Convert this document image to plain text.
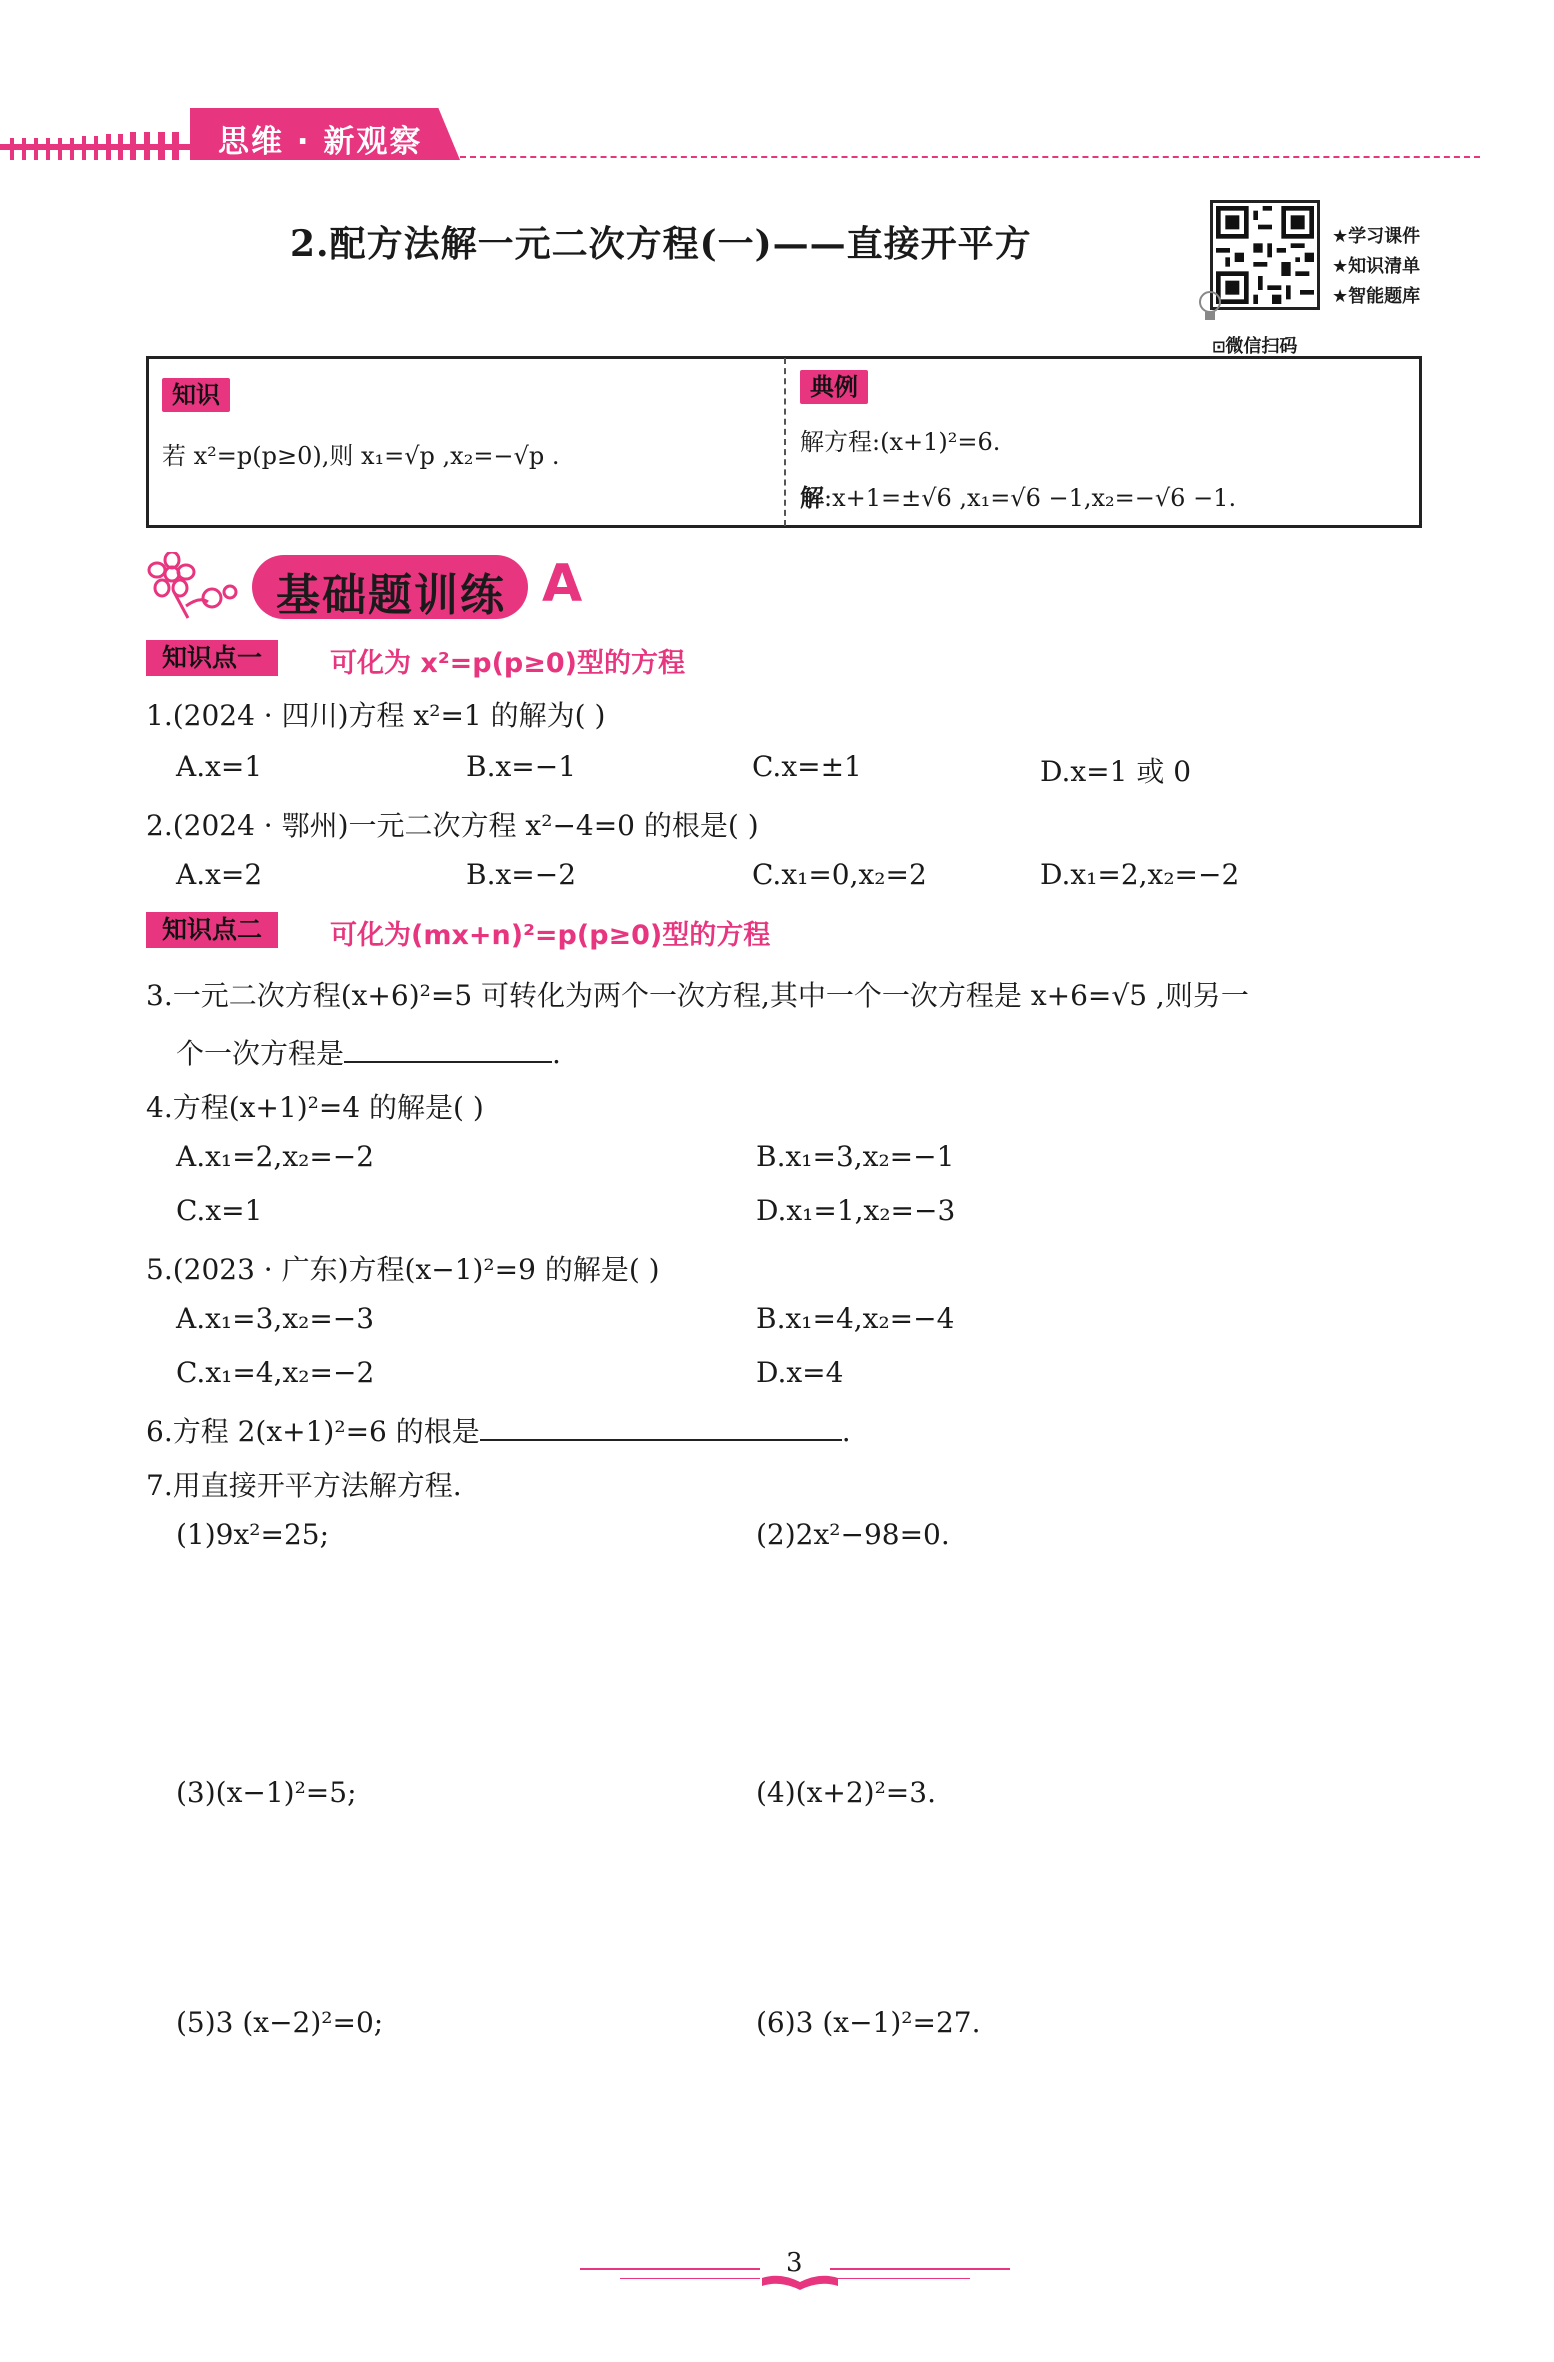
思维 · 新观察
2.配方法解一元二次方程(一)——直接开平方	★学习课件
★知识清单
★智能题库
⊡微信扫码
知识
若 x²=p(p≥0),则 x₁=√p ,x₂=−√p .
典例
解方程:(x+1)²=6.
解:x+1=±√6 ,x₁=√6 −1,x₂=−√6 −1.
基础题训练 A
知识点一	可化为 x²=p(p≥0)型的方程
1.(2024 · 四川)方程 x²=1 的解为( )
A.x=1	B.x=−1	C.x=±1	D.x=1 或 0
2.(2024 · 鄂州)一元二次方程 x²−4=0 的根是( )
A.x=2	B.x=−2	C.x₁=0,x₂=2	D.x₁=2,x₂=−2
知识点二	可化为(mx+n)²=p(p≥0)型的方程
3.一元二次方程(x+6)²=5 可转化为两个一次方程,其中一个一次方程是 x+6=√5 ,则另一
个一次方程是	.
4.方程(x+1)²=4 的解是( )
A.x₁=2,x₂=−2	B.x₁=3,x₂=−1
C.x=1	D.x₁=1,x₂=−3
5.(2023 · 广东)方程(x−1)²=9 的解是( )
A.x₁=3,x₂=−3	B.x₁=4,x₂=−4
C.x₁=4,x₂=−2	D.x=4
6.方程 2(x+1)²=6 的根是	.
7.用直接开平方法解方程.
(1)9x²=25;	(2)2x²−98=0.
(3)(x−1)²=5;	(4)(x+2)²=3.
(5)3 (x−2)²=0;	(6)3 (x−1)²=27.
3
